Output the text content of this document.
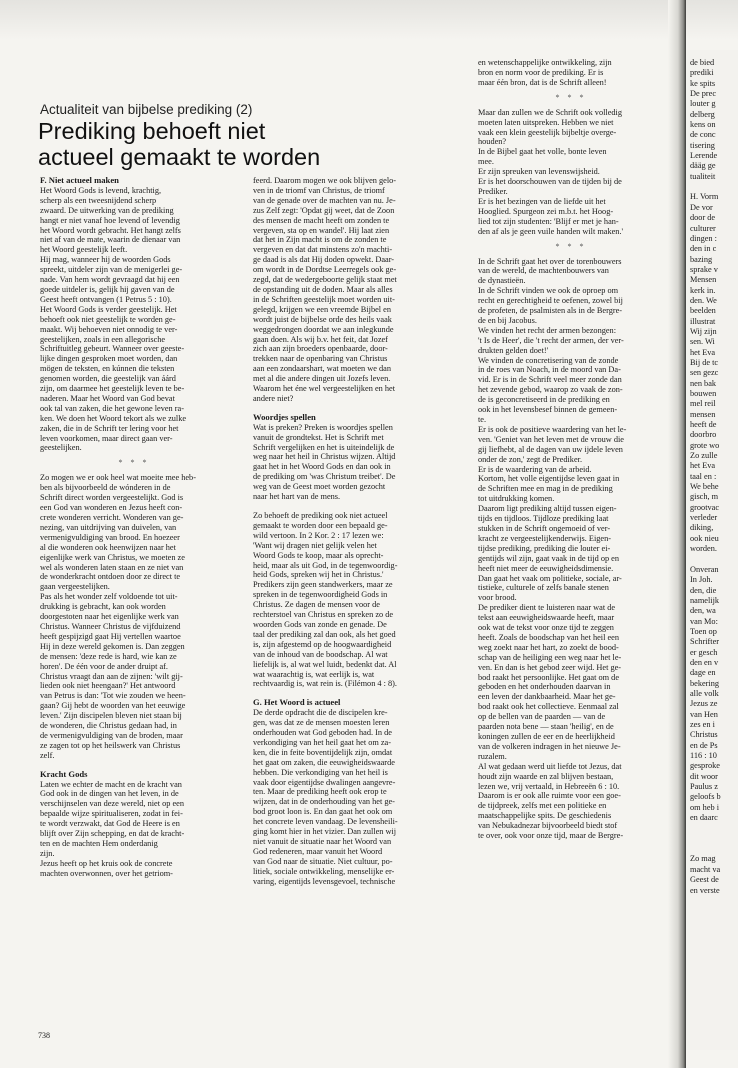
Actualiteit van bijbelse prediking (2)
Prediking behoeft niet
actueel gemaakt te worden
F. Niet actueel maken

Het Woord Gods is levend, krachtig,
scherp als een tweesnijdend scherp
zwaard. De uitwerking van de prediking
hangt er niet vanaf hoe levend of levendig
het Woord wordt gebracht. Het hangt zelfs
niet af van de mate, waarin de dienaar van
het Woord geestelijk leeft.

Hij mag, wanneer hij de woorden Gods
spreekt, uitdeler zijn van de menigerlei ge-
nade. Van hem wordt gevraagd dat hij een
goede uitdeler is, gelijk hij gaven van de
Geest heeft ontvangen (1 Petrus 5 : 10).

Het Woord Gods is verder geestelijk. Het
behoeft ook niet geestelijk te worden ge-
maakt. Wij behoeven niet onnodig te ver-
geestelijken, zoals in een allegorische
Schriftuitleg gebeurt. Wanneer over geeste-
lijke dingen gesproken moet worden, dan
mögen de teksten, en kúnnen die teksten
genomen worden, die geestelijk van áárd
zijn, om daarmee het geestelijk leven te be-
naderen. Maar het Woord van God bevat
ook tal van zaken, die het gewone leven ra-
ken. We doen het Woord tekort als we zulke
zaken, die in de Schrift ter lering voor het
leven voorkomen, maar direct gaan ver-
geestelijken.

* * *

Zo mogen we er ook heel wat moeite mee heb-
ben als bijvoorbeeld de wónderen in de
Schrift direct worden vergeestelijkt. God is
een God van wonderen en Jezus heeft con-
crete wonderen verricht. Wonderen van ge-
nezing, van uitdrijving van duivelen, van
vermenigvuldiging van brood. En hoezeer
al die wonderen ook heenwijzen naar het
eigenlijke werk van Christus, we moeten ze
wel als wonderen laten staan en ze niet van
de wonderkracht ontdoen door ze direct te
gaan vergeestelijken.

Pas als het wonder zelf voldoende tot uit-
drukking is gebracht, kan ook worden
doorgestoten naar het eigenlijke werk van
Christus. Wanneer Christus de vijfduizend
heeft gespijzigd gaat Hij vertellen waartoe
Hij in deze wereld gekomen is. Dan zeggen
de mensen: 'deze rede is hard, wie kan ze
horen'. De één voor de ander druipt af.
Christus vraagt dan aan de zijnen: 'wilt gij-
lieden ook niet heengaan?' Het antwoord
van Petrus is dan: 'Tot wie zouden we heen-
gaan? Gij hebt de woorden van het eeuwige
leven.' Zijn discipelen bleven niet staan bij
de wonderen, die Christus gedaan had, in
de vermenigvuldiging van de broden, maar
ze zagen tot op het heilswerk van Christus
zelf.

Kracht Gods

Laten we echter de macht en de kracht van
God ook in de dingen van het leven, in de
verschijnselen van deze wereld, niet op een
bepaalde wijze spiritualiseren, zodat in fei-
te wordt verzwakt, dat God de Heere is en
blijft over Zijn schepping, en dat de kracht-
ten en de machten Hem onderdanig
zijn.

Jezus heeft op het kruis ook de concrete
machten overwonnen, over het getriom-

feerd. Daarom mogen we ook blijven gelo-
ven in de triomf van Christus, de triomf
van de genade over de machten van nu. Je-
zus Zelf zegt: 'Opdat gij weet, dat de Zoon
des mensen de macht heeft om zonden te
vergeven, sta op en wandel'. Hij laat zien
dat het in Zijn macht is om de zonden te
vergeven en dat dat minstens zo'n machti-
ge daad is als dat Hij doden opwekt. Daar-
om wordt in de Dordtse Leerregels ook ge-
zegd, dat de wedergeboorte gelijk staat met
de opstanding uit de doden. Maar als alles
in de Schriften geestelijk moet worden uit-
gelegd, krijgen we een vreemde Bijbel en
wordt juist de bijbelse orde des heils vaak
weggedrongen doordat we aan inlegkunde
gaan doen. Als wij b.v. het feit, dat Jozef
zich aan zijn broeders openbaarde, door-
trekken naar de openbaring van Christus
aan een zondaarshart, wat moeten we dan
met al die andere dingen uit Jozefs leven.
Waarom het éne wel vergeestelijken en het
andere niet?

Woordjes spellen

Wat is preken? Preken is woordjes spellen
vanuit de grondtekst. Het is Schrift met
Schrift vergelijken en het is uiteindelijk de
weg naar het heil in Christus wijzen. Altijd
gaat het in het Woord Gods en dan ook in
de prediking om 'was Christum treibet'. De
weg van de Geest moet worden gezocht
naar het hart van de mens.

Zo behoeft de prediking ook niet actueel
gemaakt te worden door een bepaald ge-
wild vertoon. In 2 Kor. 2 : 17 lezen we:
'Want wij dragen niet gelijk velen het
Woord Gods te koop, maar als oprecht-
heid, maar als uit God, in de tegenwoordig-
heid Gods, spreken wij het in Christus.'
Predikers zijn geen standwerkers, maar ze
spreken in de tegenwoordigheid Gods in
Christus. Ze dagen de mensen voor de
rechterstoel van Christus en spreken zo de
woorden Gods van zonde en genade. De
taal der prediking zal dan ook, als het goed
is, zijn afgestemd op de hoogwaardigheid
van de inhoud van de boodschap. Al wat
liefelijk is, al wat wel luidt, bedenkt dat. Al
wat waarachtig is, wat eerlijk is, wat
rechtvaardig is, wat rein is. (Filémon 4 : 8).

G. Het Woord is actueel

De derde opdracht die de discipelen kre-
gen, was dat ze de mensen moesten leren
onderhouden wat God geboden had. In de
verkondiging van het heil gaat het om za-
ken, die in feite boventijdelijk zijn, omdat
het gaat om zaken, die eeuwigheidswaarde
hebben. Die verkondiging van het heil is
vaak door eigentijdse dwalingen aangevre-
ten. Maar de prediking heeft ook erop te
wijzen, dat in de onderhouding van het ge-
bod groot loon is. En dan gaat het ook om
het concrete leven vandaag. De levensheili-
ging komt hier in het vizier. Dan zullen wij
niet vanuit de situatie naar het Woord van
God redeneren, maar vanuit het Woord
van God naar de situatie. Niet cultuur, po-
litiek, sociale ontwikkeling, menselijke er-
varing, eigentijds levensgevoel, technische

en wetenschappelijke ontwikkeling, zijn
bron en norm voor de prediking. Er is
maar één bron, dat is de Schrift alleen!

* * *

Maar dan zullen we de Schrift ook volledig
moeten laten uitspreken. Hebben we niet
vaak een klein geestelijk bijbeltje overge-
houden?

In de Bijbel gaat het volle, bonte leven
mee.

Er zijn spreuken van levenswijsheid.

Er is het doorschouwen van de tijden bij de
Prediker.

Er is het bezingen van de liefde uit het
Hooglied. Spurgeon zei m.b.t. het Hoog-
lied tot zijn studenten: 'Blijf er met je han-
den af als je geen vuile handen wilt maken.'

* * *

In de Schrift gaat het over de torenbouwers
van de wereld, de machtenbouwers van
de dynastieën.

In de Schrift vinden we ook de oproep om
recht en gerechtigheid te oefenen, zowel bij
de profeten, de psalmisten als in de Bergre-
de en bij Jacobus.

We vinden het recht der armen bezongen:
't Is de Heer', die 't recht der armen, der ver-
drukten gelden doet!'

We vinden de concretisering van de zonde
in de roes van Noach, in de moord van Da-
vid. Er is in de Schrift veel meer zonde dan
het zevende gebod, waarop zo vaak de zon-
de is geconcretiseerd in de prediking en
ook in het levensbesef binnen de gemeen-
te.

Er is ook de positieve waardering van het le-
ven. 'Geniet van het leven met de vrouw die
gij liefhebt, al de dagen van uw ijdele leven
onder de zon,' zegt de Prediker.

Er is de waardering van de arbeid.

Kortom, het volle eigentijdse leven gaat in
de Schriften mee en mag in de prediking
tot uitdrukking komen.

Daarom ligt prediking altijd tussen eigen-
tijds en tijdloos. Tijdloze prediking laat
stukken in de Schrift ongemoeid of ver-
kracht ze vergeestelijkenderwijs. Eigen-
tijdse prediking, prediking die louter ei-
gentijds wil zijn, gaat vaak in de tijd op en
heeft niet meer de eeuwigheidsdimensie.
Dan gaat het vaak om politieke, sociale, ar-
tistieke, culturele of zelfs banale stenen
voor brood.

De prediker dient te luisteren naar wat de
tekst aan eeuwigheidswaarde heeft, maar
ook wat de tekst voor onze tijd te zeggen
heeft. Zoals de boodschap van het heil een
weg zoekt naar het hart, zo zoekt de bood-
schap van de heiliging een weg naar het le-
ven. En dan is het gebod zeer wijd. Het ge-
bod raakt het persoonlijke. Het gaat om de
geboden en het onderhouden daarvan in
een leven der dankbaarheid. Maar het ge-
bod raakt ook het collectieve. Eenmaal zal
op de bellen van de paarden — van de
paarden nota bene — staan 'heilig', en de
koningen zullen de eer en de heerlijkheid
van de volkeren indragen in het nieuwe Je-
ruzalem.

Al wat gedaan werd uit liefde tot Jezus, dat
houdt zijn waarde en zal blijven bestaan,
lezen we, vrij vertaald, in Hebreeën 6 : 10.
Daarom is er ook alle ruimte voor een goe-
de tijdpreek, zelfs met een politieke en
maatschappelijke spits. De geschiedenis
van Nebukadnezar bijvoorbeeld biedt stof
te over, ook voor onze tijd, maar de Bergre-

738
de bied
prediki
ke spits
De prec
louter g
delberg
kens on
de conc
tisering
Lerende
dääg ge
tualiteit

H. Vorm
De vor
door de
culturer
dingen :
den in c
bazing
sprake v
Mensen
kerk in.
den. We
beelden
illustrat
Wij zijn
sen. Wi
het Eva
Bij de tc
sen gezc
nen bak
bouwen
mel reil
mensen
heeft de
doorbro
grote wo
Zo zulle
het Eva
taal en :
We behe
gisch, m
grootvac
verleder
diking,
ook nieu
worden.

Onveran
In Joh.
den, die
namelijk
den, wa
van Mo:
Toen op
Schrifter
er gesch
den en v
dage en
bekering
alle volk
Jezus ze
van Hen
zes en i
Christus
en de Ps
116 : 10
gesproke
dit woor
Paulus z
geloofs b
om heb i
en daarc

Zo mag
macht va
Geest de
en verste
